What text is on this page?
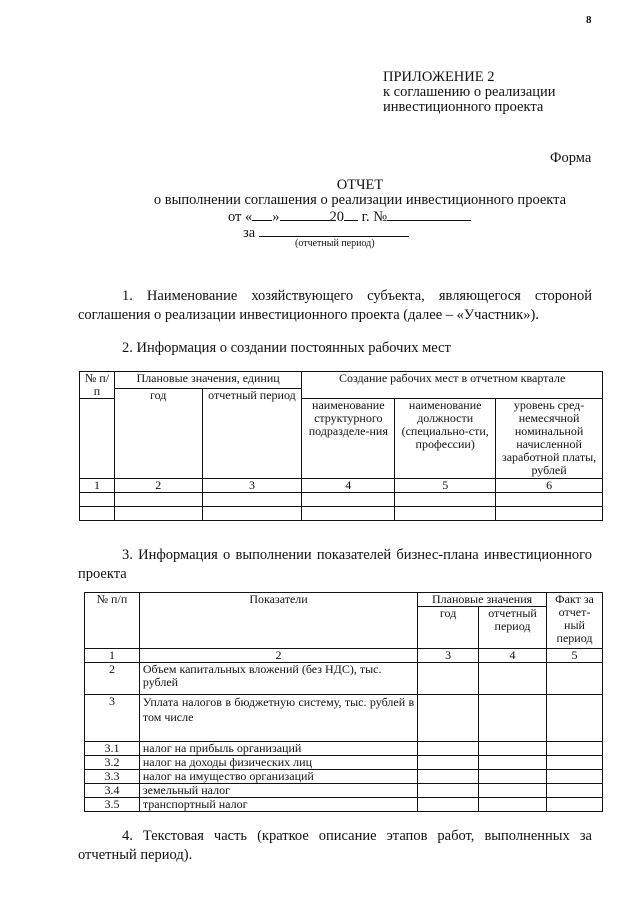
8
ПРИЛОЖЕНИЕ 2
к соглашению о реализации
инвестиционного проекта
Форма
ОТЧЕТ
о выполнении соглашения о реализации инвестиционного проекта
от « »	20 г. №
за
(отчетный период)
1. Наименование хозяйствующего субъекта, являющегося стороной соглашения о реализации инвестиционного проекта (далее – «Участник»).
2. Информация о создании постоянных рабочих мест
№ п/п	Плановые значения, единиц		Создание рабочих мест в отчетном квартале		
	год	отчетный период			
			наименование структурного подразделе-ния	наименование должности (специально-сти, профессии)	уровень сред-немесячной номинальной начисленной заработной платы, рублей
1	2	3	4	5	6

3. Информация о выполнении показателей бизнес-плана инвестиционного проекта
№ п/п	Показатели	Плановые значения		Факт за отчет-ный период
		год	отчетный период	
1	2	3	4	5
2	Объем капитальных вложений (без НДС), тыс. рублей			
3	Уплата налогов в бюджетную систему, тыс. рублей в том числе			
3.1	налог на прибыль организаций			
3.2	налог на доходы физических лиц			
3.3	налог на имущество организаций			
3.4	земельный налог			
3.5	транспортный налог			
4. Текстовая часть (краткое описание этапов работ, выполненных за отчетный период).
